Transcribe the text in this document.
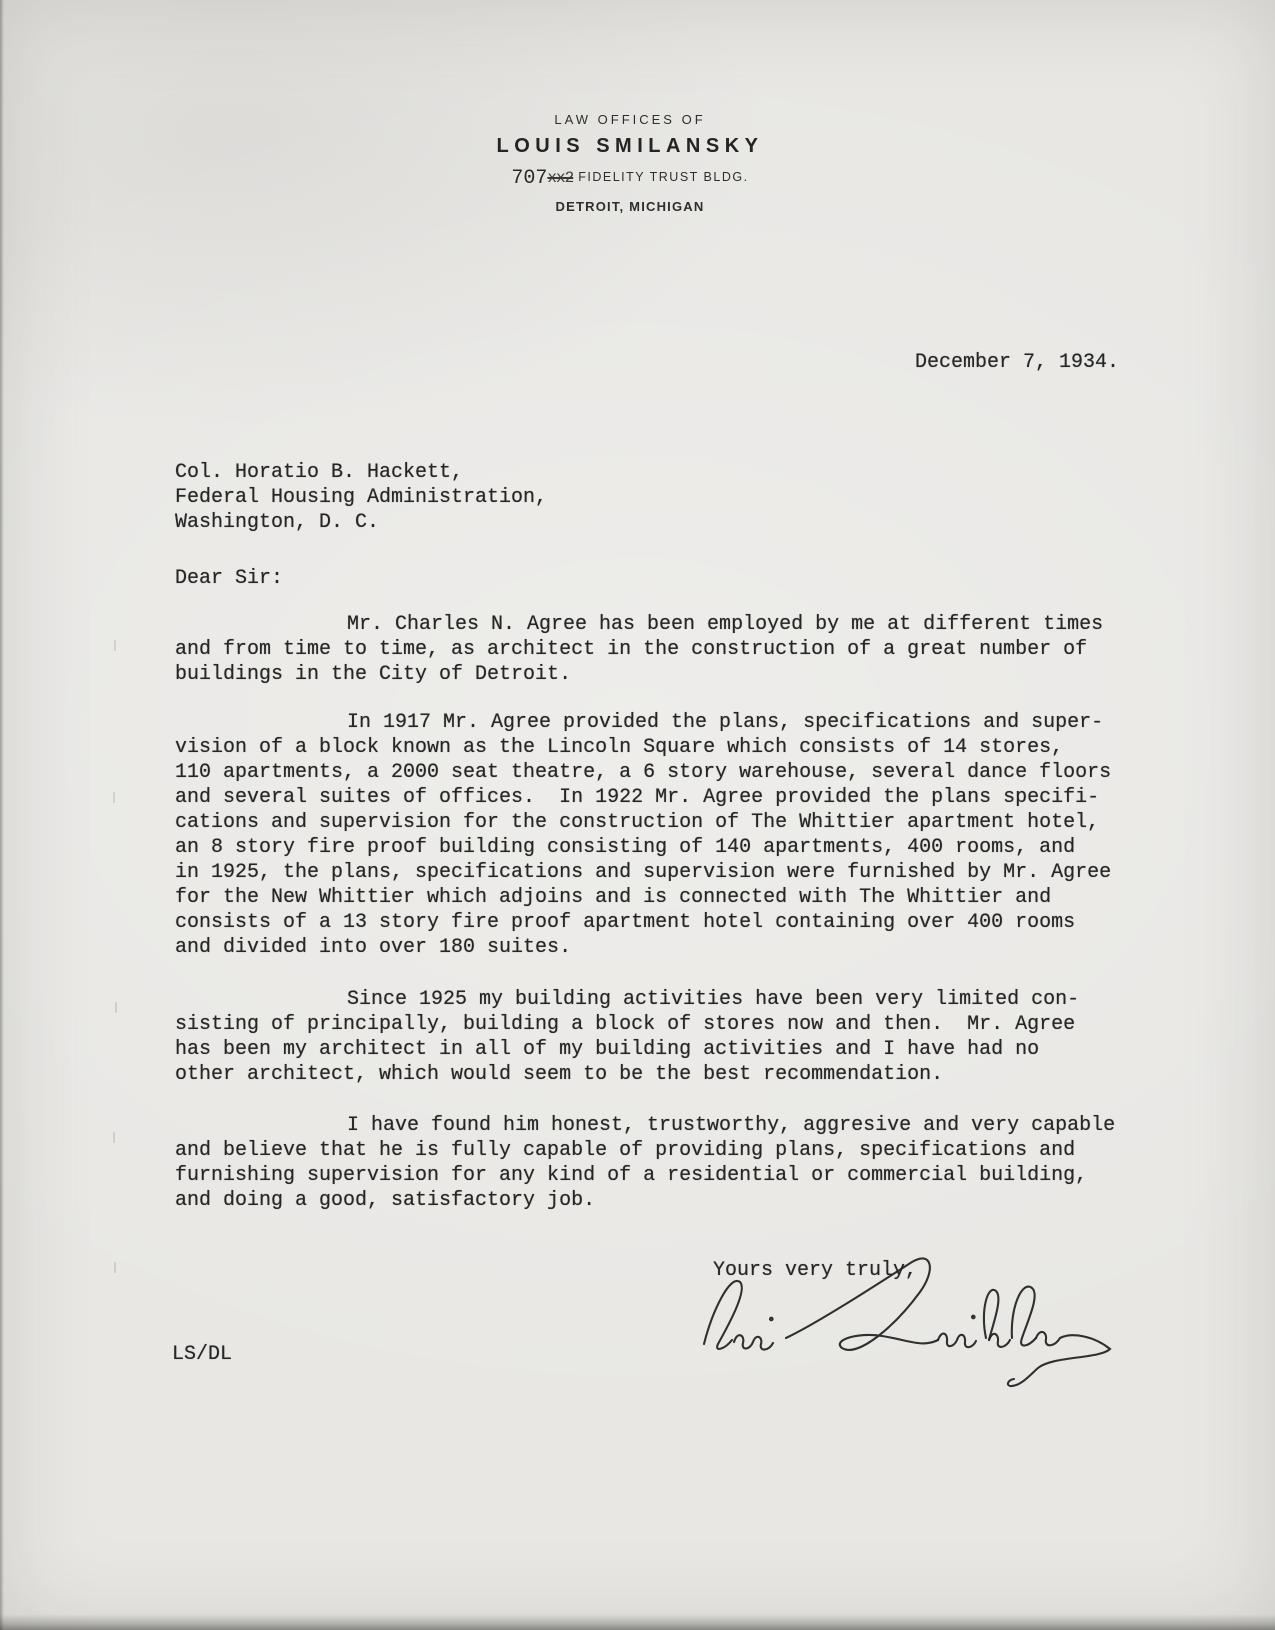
LAW OFFICES OF
LOUIS SMILANSKY
707xx2 FIDELITY TRUST BLDG.
DETROIT, MICHIGAN
December 7, 1934.
Col. Horatio B. Hackett,
Federal Housing Administration,
Washington, D. C.
Dear Sir:
Mr. Charles N. Agree has been employed by me at different times
and from time to time, as architect in the construction of a great number of
buildings in the City of Detroit.
In 1917 Mr. Agree provided the plans, specifications and super-
vision of a block known as the Lincoln Square which consists of 14 stores,
110 apartments, a 2000 seat theatre, a 6 story warehouse, several dance floors
and several suites of offices.  In 1922 Mr. Agree provided the plans specifi-
cations and supervision for the construction of The Whittier apartment hotel,
an 8 story fire proof building consisting of 140 apartments, 400 rooms, and
in 1925, the plans, specifications and supervision were furnished by Mr. Agree
for the New Whittier which adjoins and is connected with The Whittier and
consists of a 13 story fire proof apartment hotel containing over 400 rooms
and divided into over 180 suites.
Since 1925 my building activities have been very limited con-
sisting of principally, building a block of stores now and then.  Mr. Agree
has been my architect in all of my building activities and I have had no
other architect, which would seem to be the best recommendation.
I have found him honest, trustworthy, aggresive and very capable
and believe that he is fully capable of providing plans, specifications and
furnishing supervision for any kind of a residential or commercial building,
and doing a good, satisfactory job.
Yours very truly,
LS/DL
